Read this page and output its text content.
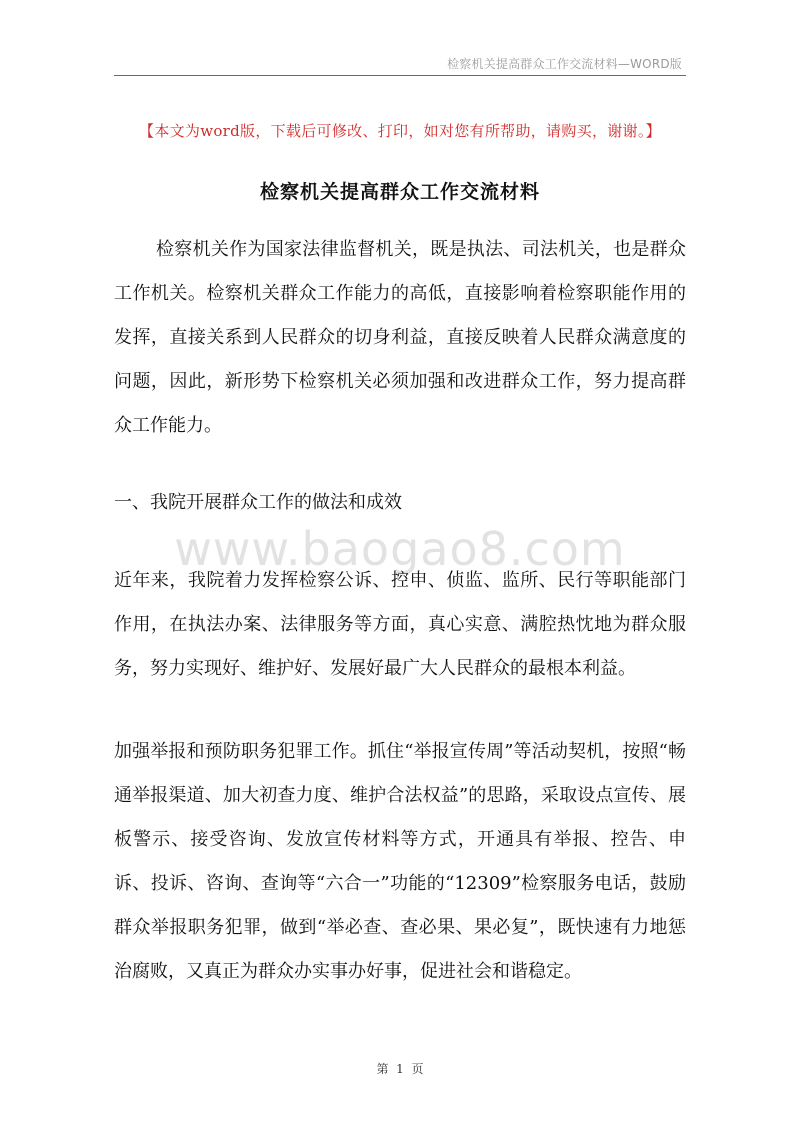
检察机关提高群众工作交流材料—WORD版
【本文为word版，下载后可修改、打印，如对您有所帮助，请购买，谢谢。】
检察机关提高群众工作交流材料

检察机关作为国家法律监督机关，既是执法、司法机关，也是群众工作机关。检察机关群众工作能力的高低，直接影响着检察职能作用的发挥，直接关系到人民群众的切身利益，直接反映着人民群众满意度的问题，因此，新形势下检察机关必须加强和改进群众工作，努力提高群众工作能力。

一、我院开展群众工作的做法和成效

www.baogao8.com

近年来，我院着力发挥检察公诉、控申、侦监、监所、民行等职能部门作用，在执法办案、法律服务等方面，真心实意、满腔热忱地为群众服务，努力实现好、维护好、发展好最广大人民群众的最根本利益。

加强举报和预防职务犯罪工作。抓住“举报宣传周”等活动契机，按照“畅通举报渠道、加大初查力度、维护合法权益”的思路，采取设点宣传、展板警示、接受咨询、发放宣传材料等方式，开通具有举报、控告、申诉、投诉、咨询、查询等“六合一”功能的“12309”检察服务电话，鼓励群众举报职务犯罪，做到“举必查、查必果、果必复”，既快速有力地惩治腐败，又真正为群众办实事办好事，促进社会和谐稳定。

第  1  页
